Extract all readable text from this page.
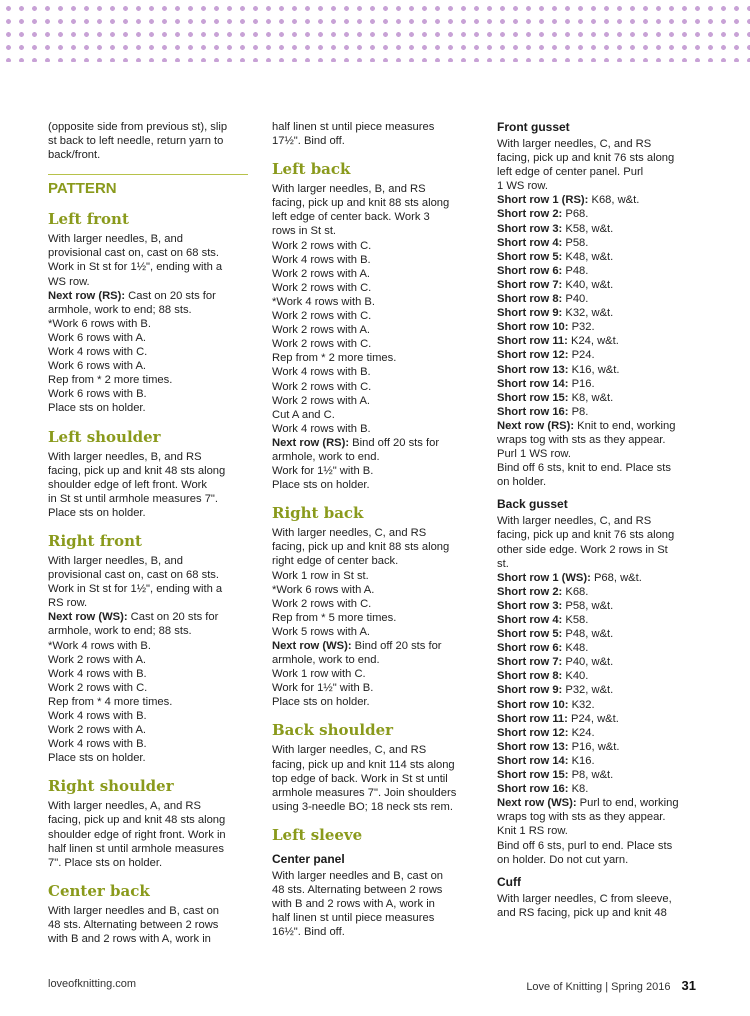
(opposite side from previous st), slip
st back to left needle, return yarn to
back/front.
PATTERN
Left front
With larger needles, B, and
provisional cast on, cast on 68 sts.
Work in St st for 1½", ending with a
WS row.
Next row (RS): Cast on 20 sts for
armhole, work to end; 88 sts.
*Work 6 rows with B.
Work 6 rows with A.
Work 4 rows with C.
Work 6 rows with A.
Rep from * 2 more times.
Work 6 rows with B.
Place sts on holder.
Left shoulder
With larger needles, B, and RS
facing, pick up and knit 48 sts along
shoulder edge of left front. Work
in St st until armhole measures 7".
Place sts on holder.
Right front
With larger needles, B, and
provisional cast on, cast on 68 sts.
Work in St st for 1½", ending with a
RS row.
Next row (WS): Cast on 20 sts for
armhole, work to end; 88 sts.
*Work 4 rows with B.
Work 2 rows with A.
Work 4 rows with B.
Work 2 rows with C.
Rep from * 4 more times.
Work 4 rows with B.
Work 2 rows with A.
Work 4 rows with B.
Place sts on holder.
Right shoulder
With larger needles, A, and RS
facing, pick up and knit 48 sts along
shoulder edge of right front. Work in
half linen st until armhole measures
7". Place sts on holder.
Center back
With larger needles and B, cast on
48 sts. Alternating between 2 rows
with B and 2 rows with A, work in
half linen st until piece measures
17½". Bind off.
Left back
With larger needles, B, and RS
facing, pick up and knit 88 sts along
left edge of center back. Work 3
rows in St st.
Work 2 rows with C.
Work 4 rows with B.
Work 2 rows with A.
Work 2 rows with C.
*Work 4 rows with B.
Work 2 rows with C.
Work 2 rows with A.
Work 2 rows with C.
Rep from * 2 more times.
Work 4 rows with B.
Work 2 rows with C.
Work 2 rows with A.
Cut A and C.
Work 4 rows with B.
Next row (RS): Bind off 20 sts for
armhole, work to end.
Work for 1½" with B.
Place sts on holder.
Right back
With larger needles, C, and RS
facing, pick up and knit 88 sts along
right edge of center back.
Work 1 row in St st.
*Work 6 rows with A.
Work 2 rows with C.
Rep from * 5 more times.
Work 5 rows with A.
Next row (WS): Bind off 20 sts for
armhole, work to end.
Work 1 row with C.
Work for 1½" with B.
Place sts on holder.
Back shoulder
With larger needles, C, and RS
facing, pick up and knit 114 sts along
top edge of back. Work in St st until
armhole measures 7". Join shoulders
using 3-needle BO; 18 neck sts rem.
Left sleeve
Center panel
With larger needles and B, cast on
48 sts. Alternating between 2 rows
with B and 2 rows with A, work in
half linen st until piece measures
16½". Bind off.
Front gusset
With larger needles, C, and RS
facing, pick up and knit 76 sts along
left edge of center panel. Purl
1 WS row.
Short row 1 (RS): K68, w&t.
Short row 2: P68.
Short row 3: K58, w&t.
Short row 4: P58.
Short row 5: K48, w&t.
Short row 6: P48.
Short row 7: K40, w&t.
Short row 8: P40.
Short row 9: K32, w&t.
Short row 10: P32.
Short row 11: K24, w&t.
Short row 12: P24.
Short row 13: K16, w&t.
Short row 14: P16.
Short row 15: K8, w&t.
Short row 16: P8.
Next row (RS): Knit to end, working
wraps tog with sts as they appear.
Purl 1 WS row.
Bind off 6 sts, knit to end. Place sts
on holder.
Back gusset
With larger needles, C, and RS
facing, pick up and knit 76 sts along
other side edge. Work 2 rows in St
st.
Short row 1 (WS): P68, w&t.
Short row 2: K68.
Short row 3: P58, w&t.
Short row 4: K58.
Short row 5: P48, w&t.
Short row 6: K48.
Short row 7: P40, w&t.
Short row 8: K40.
Short row 9: P32, w&t.
Short row 10: K32.
Short row 11: P24, w&t.
Short row 12: K24.
Short row 13: P16, w&t.
Short row 14: K16.
Short row 15: P8, w&t.
Short row 16: K8.
Next row (WS): Purl to end, working
wraps tog with sts as they appear.
Knit 1 RS row.
Bind off 6 sts, purl to end. Place sts
on holder. Do not cut yarn.
Cuff
With larger needles, C from sleeve,
and RS facing, pick up and knit 48
loveofknitting.com	Love of Knitting | Spring 2016 31
